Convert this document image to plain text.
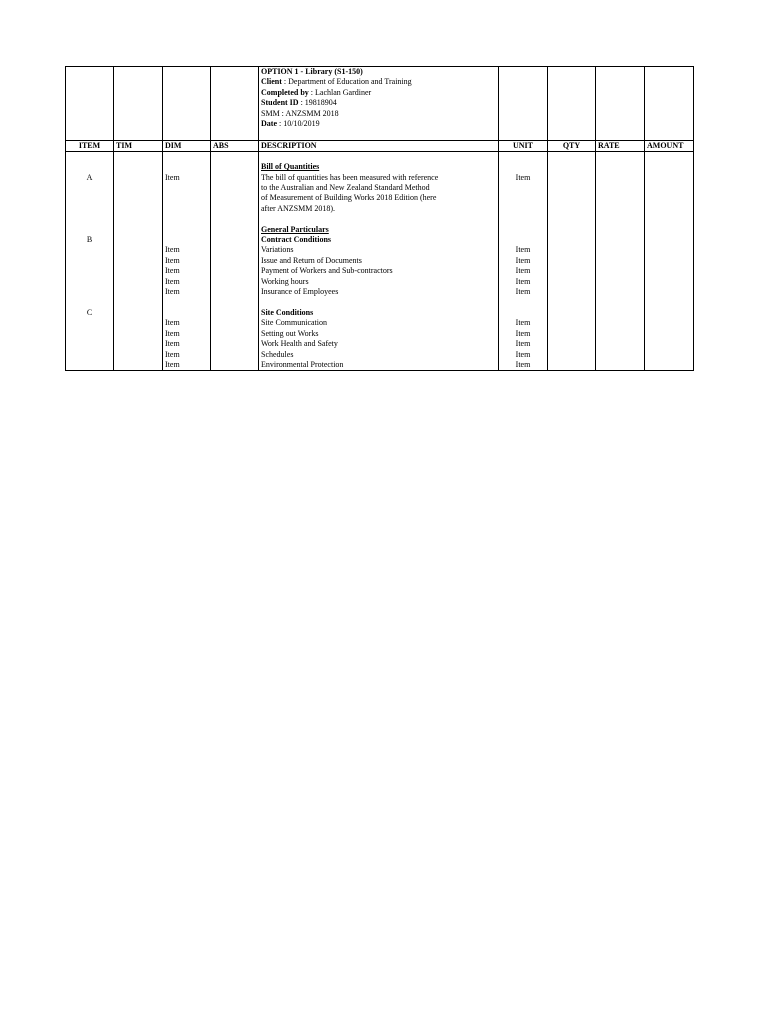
				OPTION 1 - Library (S1-150)				
				Client : Department of Education and Training				
				Completed by : Lachlan Gardiner				
				Student ID : 19818904				
				SMM : ANZSMM 2018				
				Date : 10/10/2019				

ITEM	TIM	DIM	ABS	DESCRIPTION	UNIT	QTY	RATE	AMOUNT

				Bill of Quantities				
A		Item		The bill of quantities has been measured with reference	Item			
				to the Australian and New Zealand Standard Method				
				of Measurement of Building Works 2018 Edition (here				
				after ANZSMM 2018).				

				General Particulars				
B				Contract Conditions				
		Item		Variations	Item			
		Item		Issue and Return of Documents	Item			
		Item		Payment of Workers and Sub-contractors	Item			
		Item		Working hours	Item			
		Item		Insurance of Employees	Item			

C				Site Conditions				
		Item		Site Communication	Item			
		Item		Setting out Works	Item			
		Item		Work Health and Safety	Item			
		Item		Schedules	Item			
		Item		Environmental Protection	Item			
